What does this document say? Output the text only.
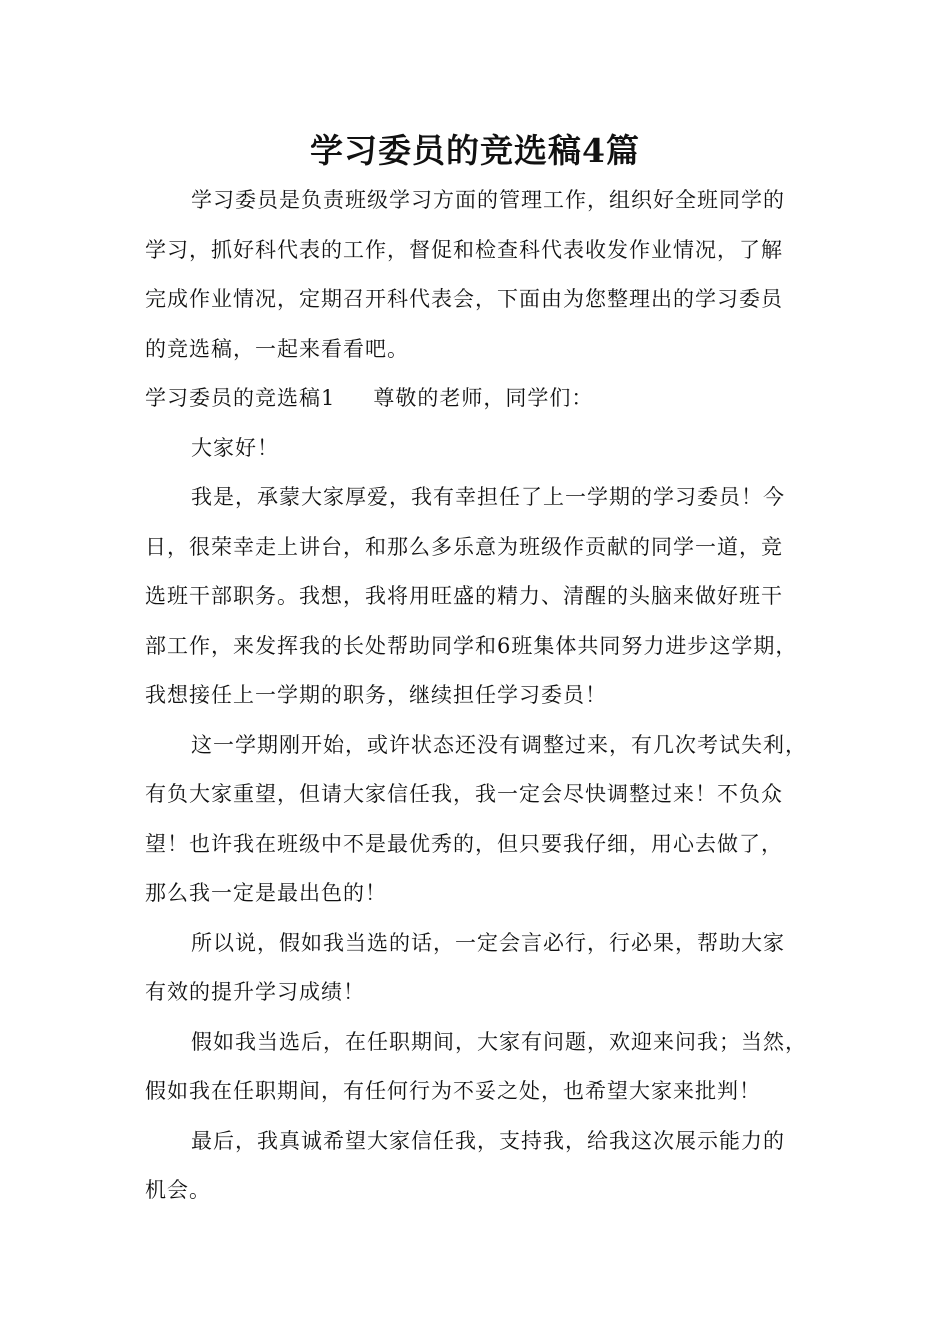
学习委员的竞选稿4篇
学习委员是负责班级学习方面的管理工作，组织好全班同学的
学习，抓好科代表的工作，督促和检查科代表收发作业情况，了解
完成作业情况，定期召开科代表会，下面由为您整理出的学习委员
的竞选稿，一起来看看吧。
学习委员的竞选稿1 尊敬的老师，同学们：
大家好！
我是，承蒙大家厚爱，我有幸担任了上一学期的学习委员！今
日，很荣幸走上讲台，和那么多乐意为班级作贡献的同学一道，竞
选班干部职务。我想，我将用旺盛的精力、清醒的头脑来做好班干
部工作，来发挥我的长处帮助同学和6班集体共同努力进步这学期，
我想接任上一学期的职务，继续担任学习委员！
这一学期刚开始，或许状态还没有调整过来，有几次考试失利，
有负大家重望，但请大家信任我，我一定会尽快调整过来！不负众
望！也许我在班级中不是最优秀的，但只要我仔细，用心去做了，
那么我一定是最出色的！
所以说，假如我当选的话，一定会言必行，行必果，帮助大家
有效的提升学习成绩！
假如我当选后，在任职期间，大家有问题，欢迎来问我；当然，
假如我在任职期间，有任何行为不妥之处，也希望大家来批判！
最后，我真诚希望大家信任我，支持我，给我这次展示能力的
机会。
